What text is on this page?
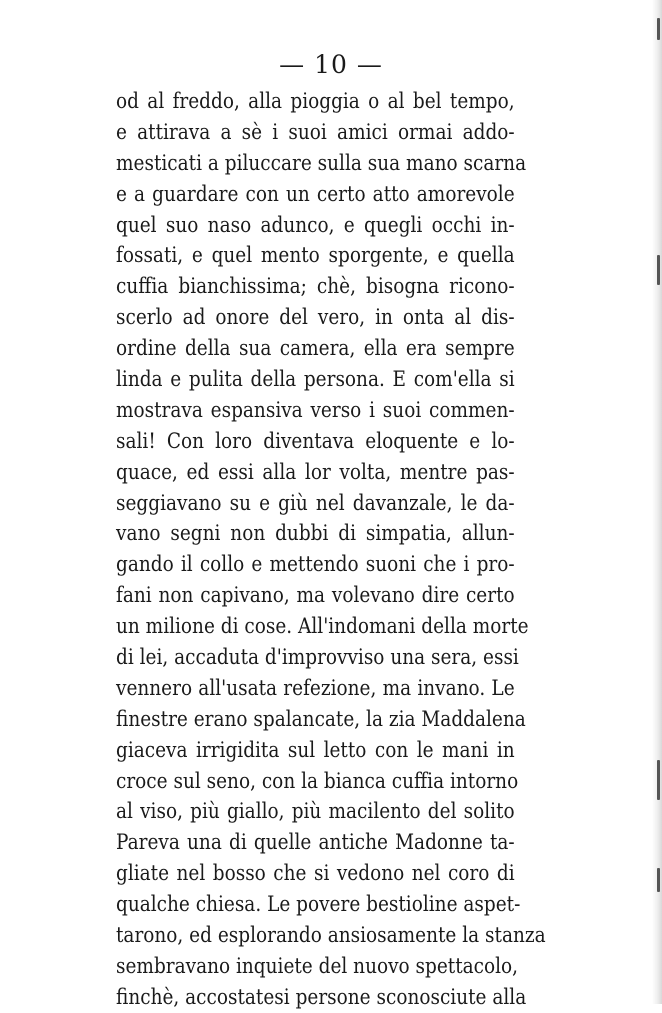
— 10 —
od al freddo, alla pioggia o al bel tempo,
e attirava a sè i suoi amici ormai addo-
mesticati a piluccare sulla sua mano scarna
e a guardare con un certo atto amorevole
quel suo naso adunco, e quegli occhi in-
fossati, e quel mento sporgente, e quella
cuffia bianchissima; chè, bisogna ricono-
scerlo ad onore del vero, in onta al dis-
ordine della sua camera, ella era sempre
linda e pulita della persona. E com'ella si
mostrava espansiva verso i suoi commen-
sali! Con loro diventava eloquente e lo-
quace, ed essi alla lor volta, mentre pas-
seggiavano su e giù nel davanzale, le da-
vano segni non dubbi di simpatia, allun-
gando il collo e mettendo suoni che i pro-
fani non capivano, ma volevano dire certo
un milione di cose. All'indomani della morte
di lei, accaduta d'improvviso una sera, essi
vennero all'usata refezione, ma invano. Le
finestre erano spalancate, la zia Maddalena
giaceva irrigidita sul letto con le mani in
croce sul seno, con la bianca cuffia intorno
al viso, più giallo, più macilento del solito
Pareva una di quelle antiche Madonne ta-
gliate nel bosso che si vedono nel coro di
qualche chiesa. Le povere bestioline aspet-
tarono, ed esplorando ansiosamente la stanza
sembravano inquiete del nuovo spettacolo,
finchè, accostatesi persone sconosciute alla
